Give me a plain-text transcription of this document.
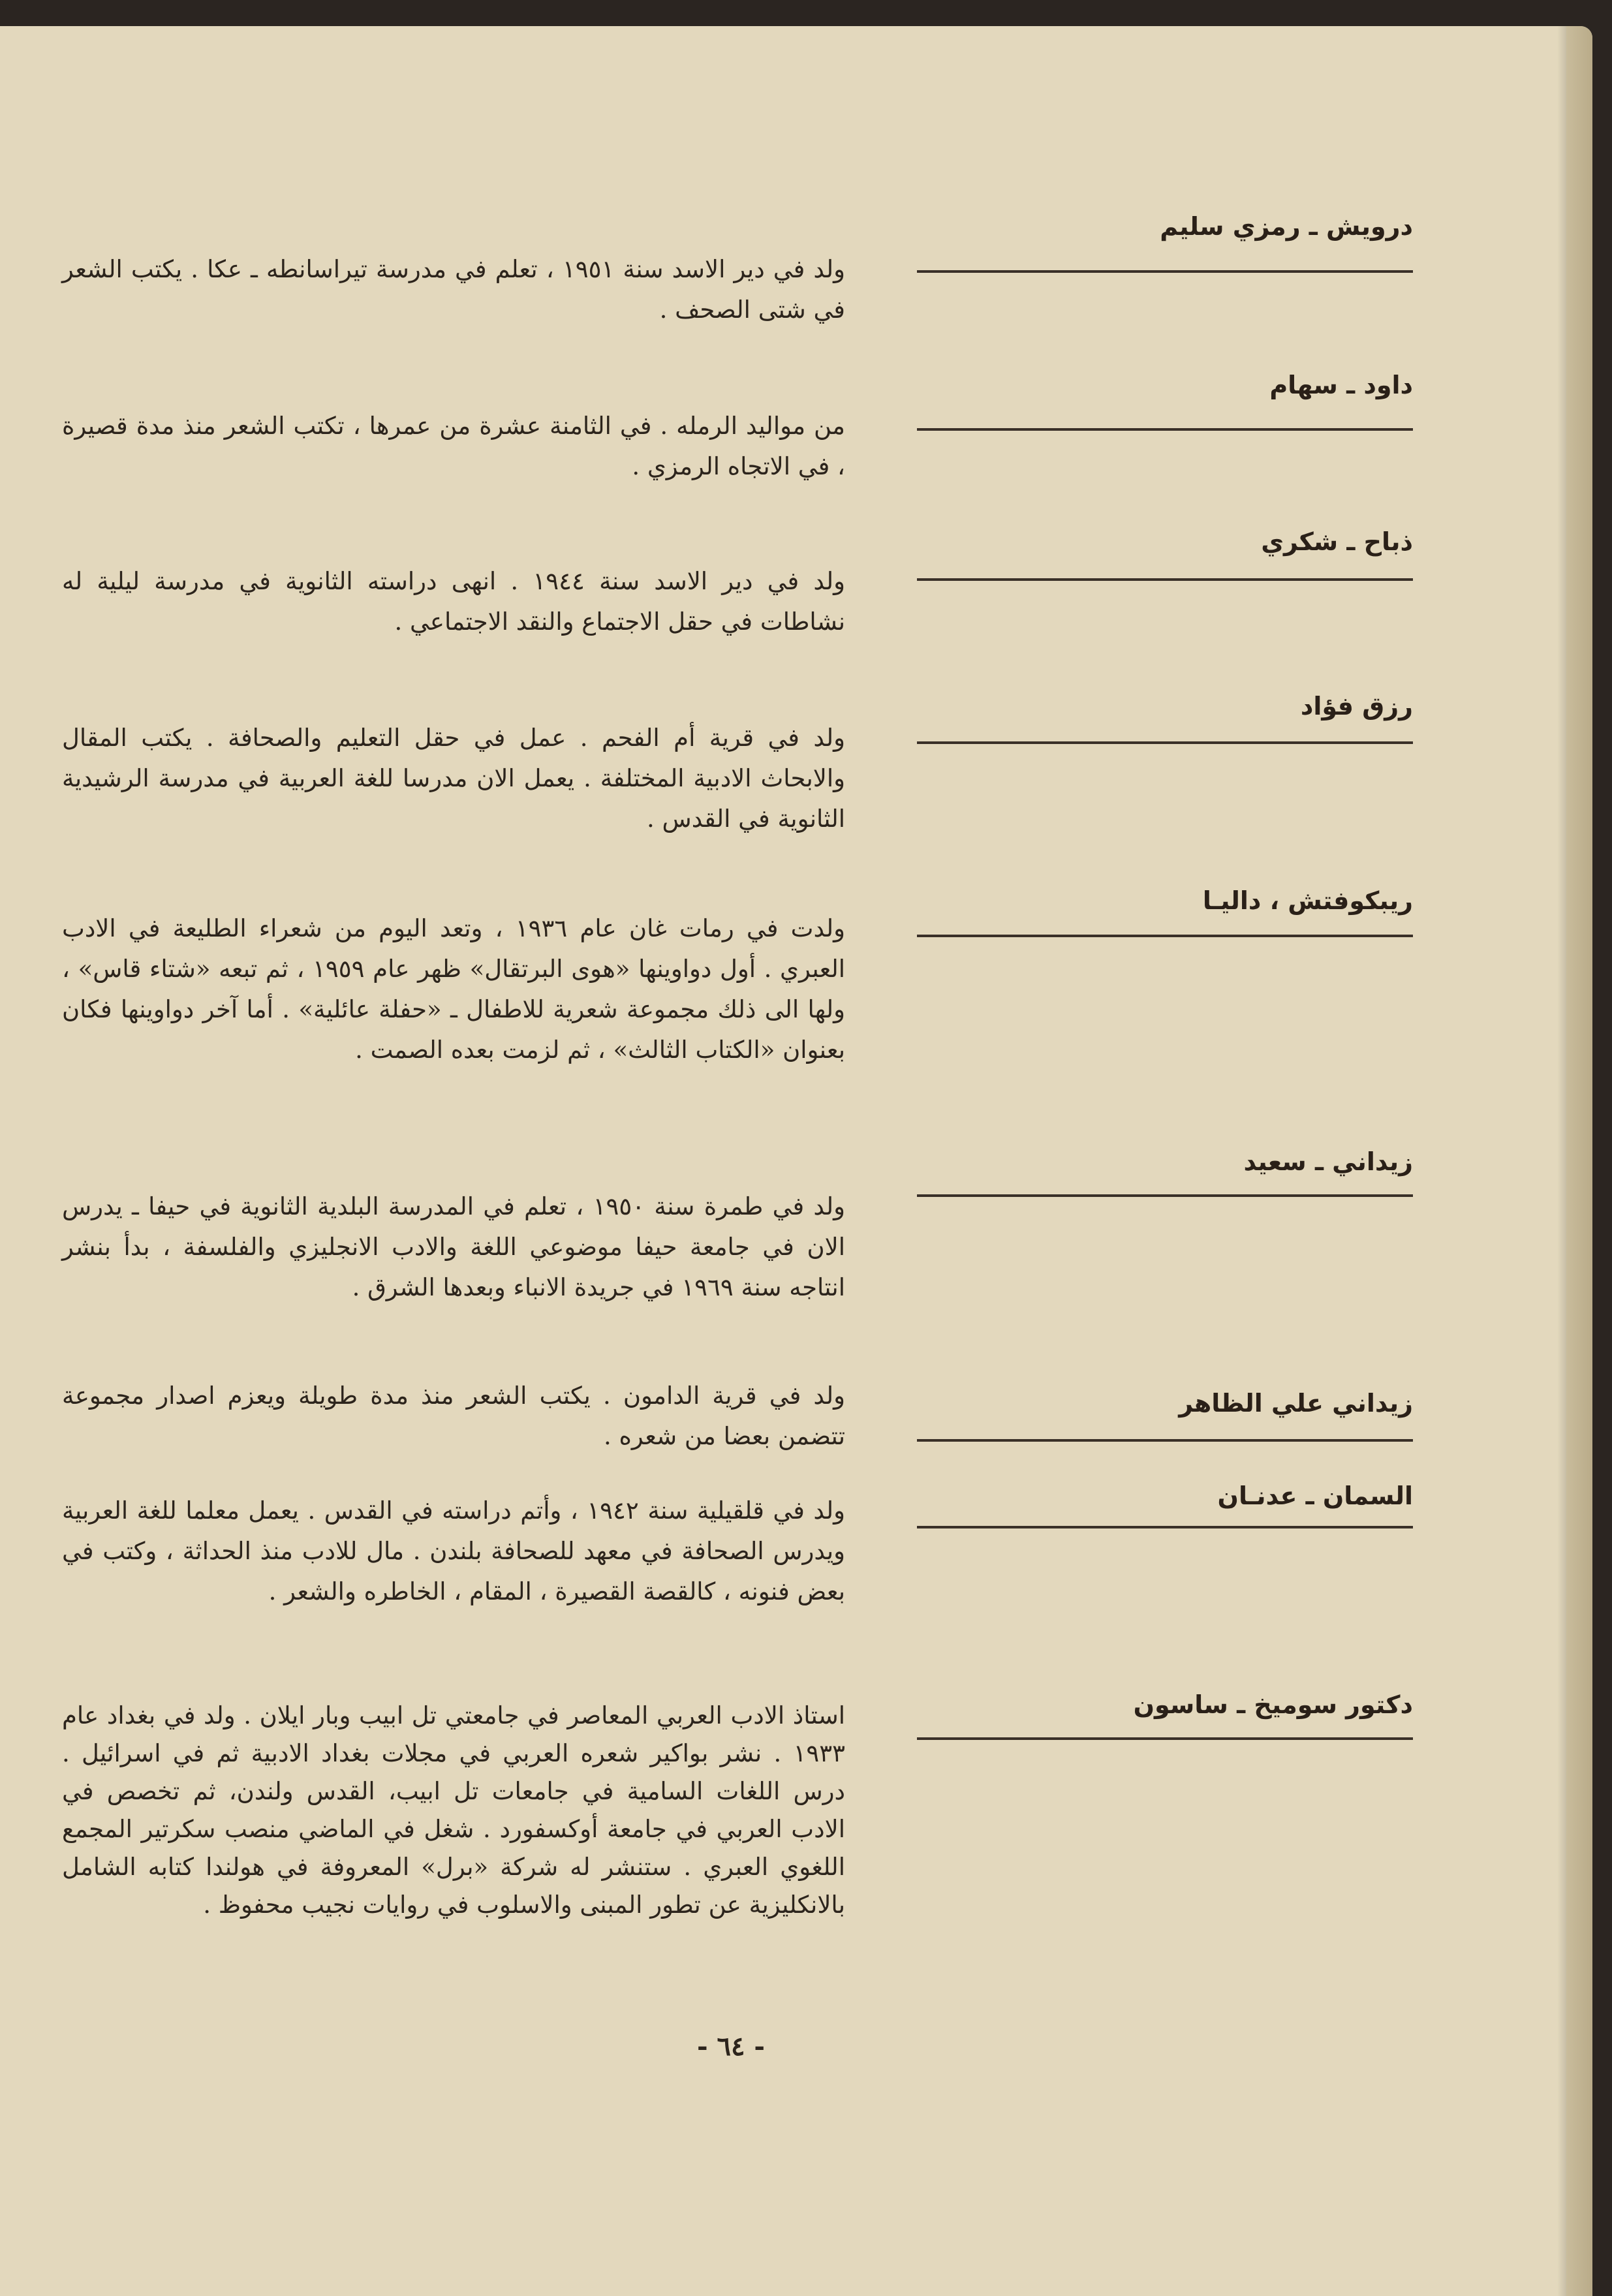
درويش ـ رمزي سليم
ولد في دير الاسد سنة ١٩٥١ ، تعلم في مدرسة تيراسانطه ـ عكا . يكتب الشعر في شتى الصحف .
داود ـ سهام
من مواليد الرمله . في الثامنة عشرة من عمرها ، تكتب الشعر منذ مدة قصيرة ، في الاتجاه الرمزي .
ذباح ـ شكري
ولد في دير الاسد سنة ١٩٤٤ . انهى دراسته الثانوية في مدرسة ليلية له نشاطات في حقل الاجتماع والنقد الاجتماعي .
رزق فؤاد
ولد في قرية أم الفحم . عمل في حقل التعليم والصحافة . يكتب المقال والابحاث الادبية المختلفة . يعمل الان مدرسا للغة العربية في مدرسة الرشيدية الثانوية في القدس .
ريبكوفتش ، داليـا
ولدت في رمات غان عام ١٩٣٦ ، وتعد اليوم من شعراء الطليعة في الادب العبري . أول دواوينها «هوى البرتقال» ظهر عام ١٩٥٩ ، ثم تبعه «شتاء قاس» ، ولها الى ذلك مجموعة شعرية للاطفال ـ «حفلة عائلية» . أما آخر دواوينها فكان بعنوان «الكتاب الثالث» ، ثم لزمت بعده الصمت .
زيداني ـ سعيد
ولد في طمرة سنة ١٩٥٠ ، تعلم في المدرسة البلدية الثانوية في حيفا ـ يدرس الان في جامعة حيفا موضوعي اللغة والادب الانجليزي والفلسفة ، بدأ بنشر انتاجه سنة ١٩٦٩ في جريدة الانباء وبعدها الشرق .
زيداني علي الظاهر
ولد في قرية الدامون . يكتب الشعر منذ مدة طويلة ويعزم اصدار مجموعة تتضمن بعضا من شعره .
السمان ـ عدنـان
ولد في قلقيلية سنة ١٩٤٢ ، وأتم دراسته في القدس . يعمل معلما للغة العربية ويدرس الصحافة في معهد للصحافة بلندن . مال للادب منذ الحداثة ، وكتب في بعض فنونه ، كالقصة القصيرة ، المقام ، الخاطره والشعر .
دكتور سوميخ ـ ساسون
استاذ الادب العربي المعاصر في جامعتي تل ابيب وبار ايلان . ولد في بغداد عام ١٩٣٣ . نشر بواكير شعره العربي في مجلات بغداد الادبية ثم في اسرائيل . درس اللغات السامية في جامعات تل ابيب، القدس ولندن، ثم تخصص في الادب العربي في جامعة أوكسفورد . شغل في الماضي منصب سكرتير المجمع اللغوي العبري . ستنشر له شركة «برل» المعروفة في هولندا كتابه الشامل بالانكليزية عن تطور المبنى والاسلوب في روايات نجيب محفوظ .
- ٦٤ -
